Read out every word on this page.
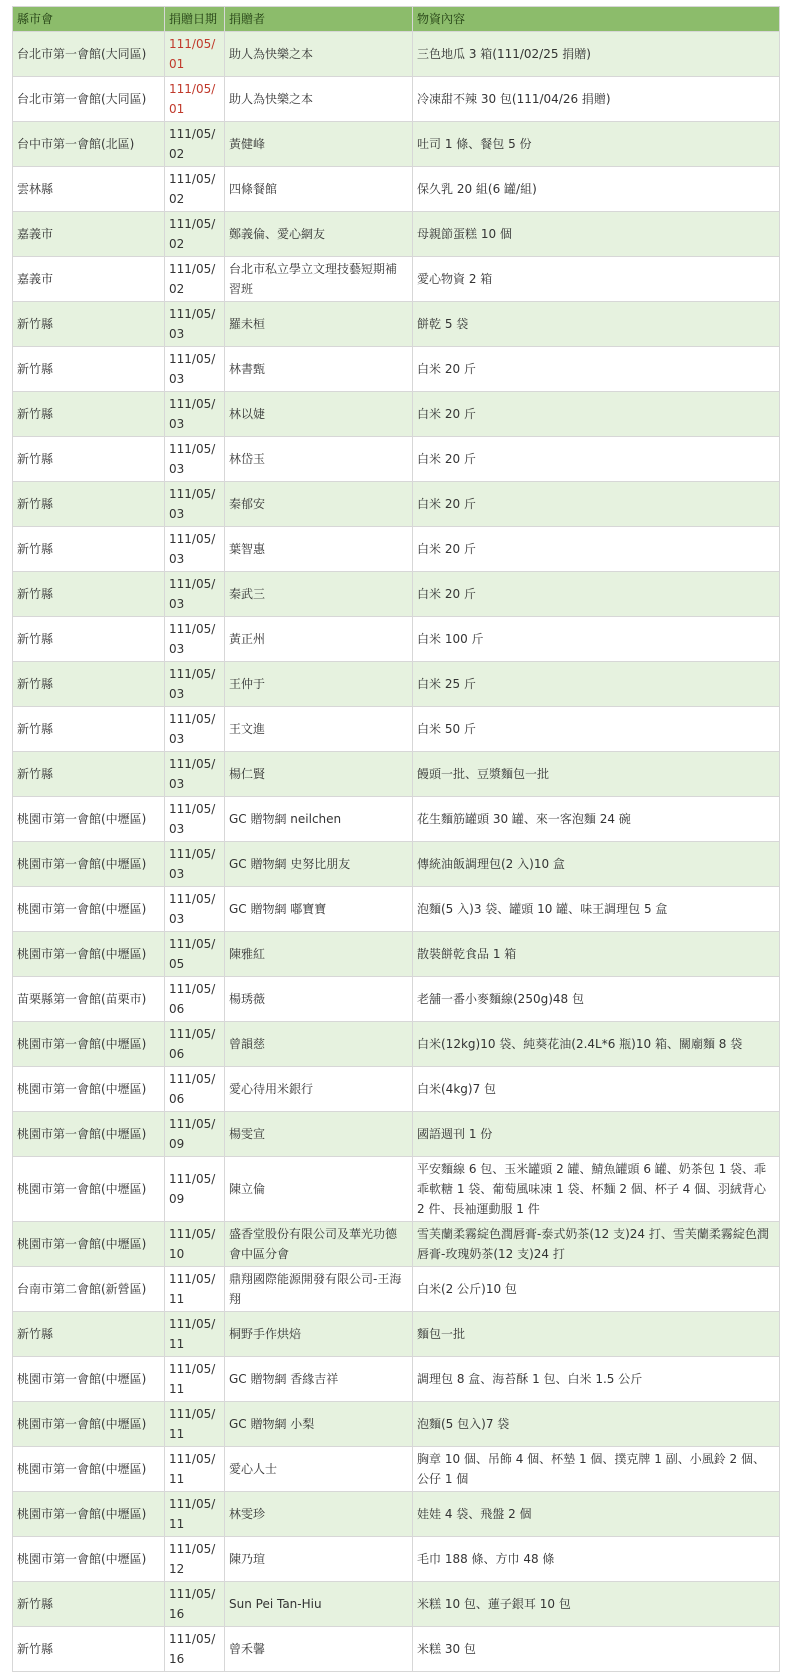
縣市會	捐贈日期	捐贈者	物資內容
台北市第一會館(大同區)	111/05/01	助人為快樂之本	三色地瓜 3 箱(111/02/25 捐贈)
台北市第一會館(大同區)	111/05/01	助人為快樂之本	冷凍甜不辣 30 包(111/04/26 捐贈)
台中市第一會館(北區)	111/05/02	黃健峰	吐司 1 條、餐包 5 份
雲林縣	111/05/02	四條餐館	保久乳 20 組(6 罐/組)
嘉義市	111/05/02	鄭義倫、愛心網友	母親節蛋糕 10 個
嘉義市	111/05/02	台北市私立學立文理技藝短期補習班	愛心物資 2 箱
新竹縣	111/05/03	羅未桓	餅乾 5 袋
新竹縣	111/05/03	林書甄	白米 20 斤
新竹縣	111/05/03	林以婕	白米 20 斤
新竹縣	111/05/03	林岱玉	白米 20 斤
新竹縣	111/05/03	秦郁安	白米 20 斤
新竹縣	111/05/03	葉智惠	白米 20 斤
新竹縣	111/05/03	秦武三	白米 20 斤
新竹縣	111/05/03	黃正州	白米 100 斤
新竹縣	111/05/03	王仲于	白米 25 斤
新竹縣	111/05/03	王文進	白米 50 斤
新竹縣	111/05/03	楊仁賢	饅頭一批、豆漿麵包一批
桃園市第一會館(中壢區)	111/05/03	GC 贈物網 neilchen	花生麵筋罐頭 30 罐、來一客泡麵 24 碗
桃園市第一會館(中壢區)	111/05/03	GC 贈物網 史努比朋友	傳統油飯調理包(2 入)10 盒
桃園市第一會館(中壢區)	111/05/03	GC 贈物網 嘟寶寶	泡麵(5 入)3 袋、罐頭 10 罐、味王調理包 5 盒
桃園市第一會館(中壢區)	111/05/05	陳雅紅	散裝餅乾食品 1 箱
苗栗縣第一會館(苗栗市)	111/05/06	楊琇薇	老舖一番小麥麵線(250g)48 包
桃園市第一會館(中壢區)	111/05/06	曾韻慈	白米(12kg)10 袋、純葵花油(2.4L*6 瓶)10 箱、關廟麵 8 袋
桃園市第一會館(中壢區)	111/05/06	愛心待用米銀行	白米(4kg)7 包
桃園市第一會館(中壢區)	111/05/09	楊雯宣	國語週刊 1 份
桃園市第一會館(中壢區)	111/05/09	陳立倫	平安麵線 6 包、玉米罐頭 2 罐、鯖魚罐頭 6 罐、奶茶包 1 袋、乖乖軟糖 1 袋、葡萄風味凍 1 袋、杯麵 2 個、杯子 4 個、羽絨背心 2 件、長袖運動服 1 件
桃園市第一會館(中壢區)	111/05/10	盛香堂股份有限公司及華光功德會中區分會	雪芙蘭柔霧綻色潤唇膏-泰式奶茶(12 支)24 打、雪芙蘭柔霧綻色潤唇膏-玫瑰奶茶(12 支)24 打
台南市第二會館(新營區)	111/05/11	鼎翔國際能源開發有限公司-王海翔	白米(2 公斤)10 包
新竹縣	111/05/11	桐野手作烘焙	麵包一批
桃園市第一會館(中壢區)	111/05/11	GC 贈物網 香緣吉祥	調理包 8 盒、海苔酥 1 包、白米 1.5 公斤
桃園市第一會館(中壢區)	111/05/11	GC 贈物網 小梨	泡麵(5 包入)7 袋
桃園市第一會館(中壢區)	111/05/11	愛心人士	胸章 10 個、吊飾 4 個、杯墊 1 個、撲克牌 1 副、小風鈴 2 個、公仔 1 個
桃園市第一會館(中壢區)	111/05/11	林雯珍	娃娃 4 袋、飛盤 2 個
桃園市第一會館(中壢區)	111/05/12	陳乃瑄	毛巾 188 條、方巾 48 條
新竹縣	111/05/16	Sun Pei Tan-Hiu	米糕 10 包、蓮子銀耳 10 包
新竹縣	111/05/16	曾禾馨	米糕 30 包
